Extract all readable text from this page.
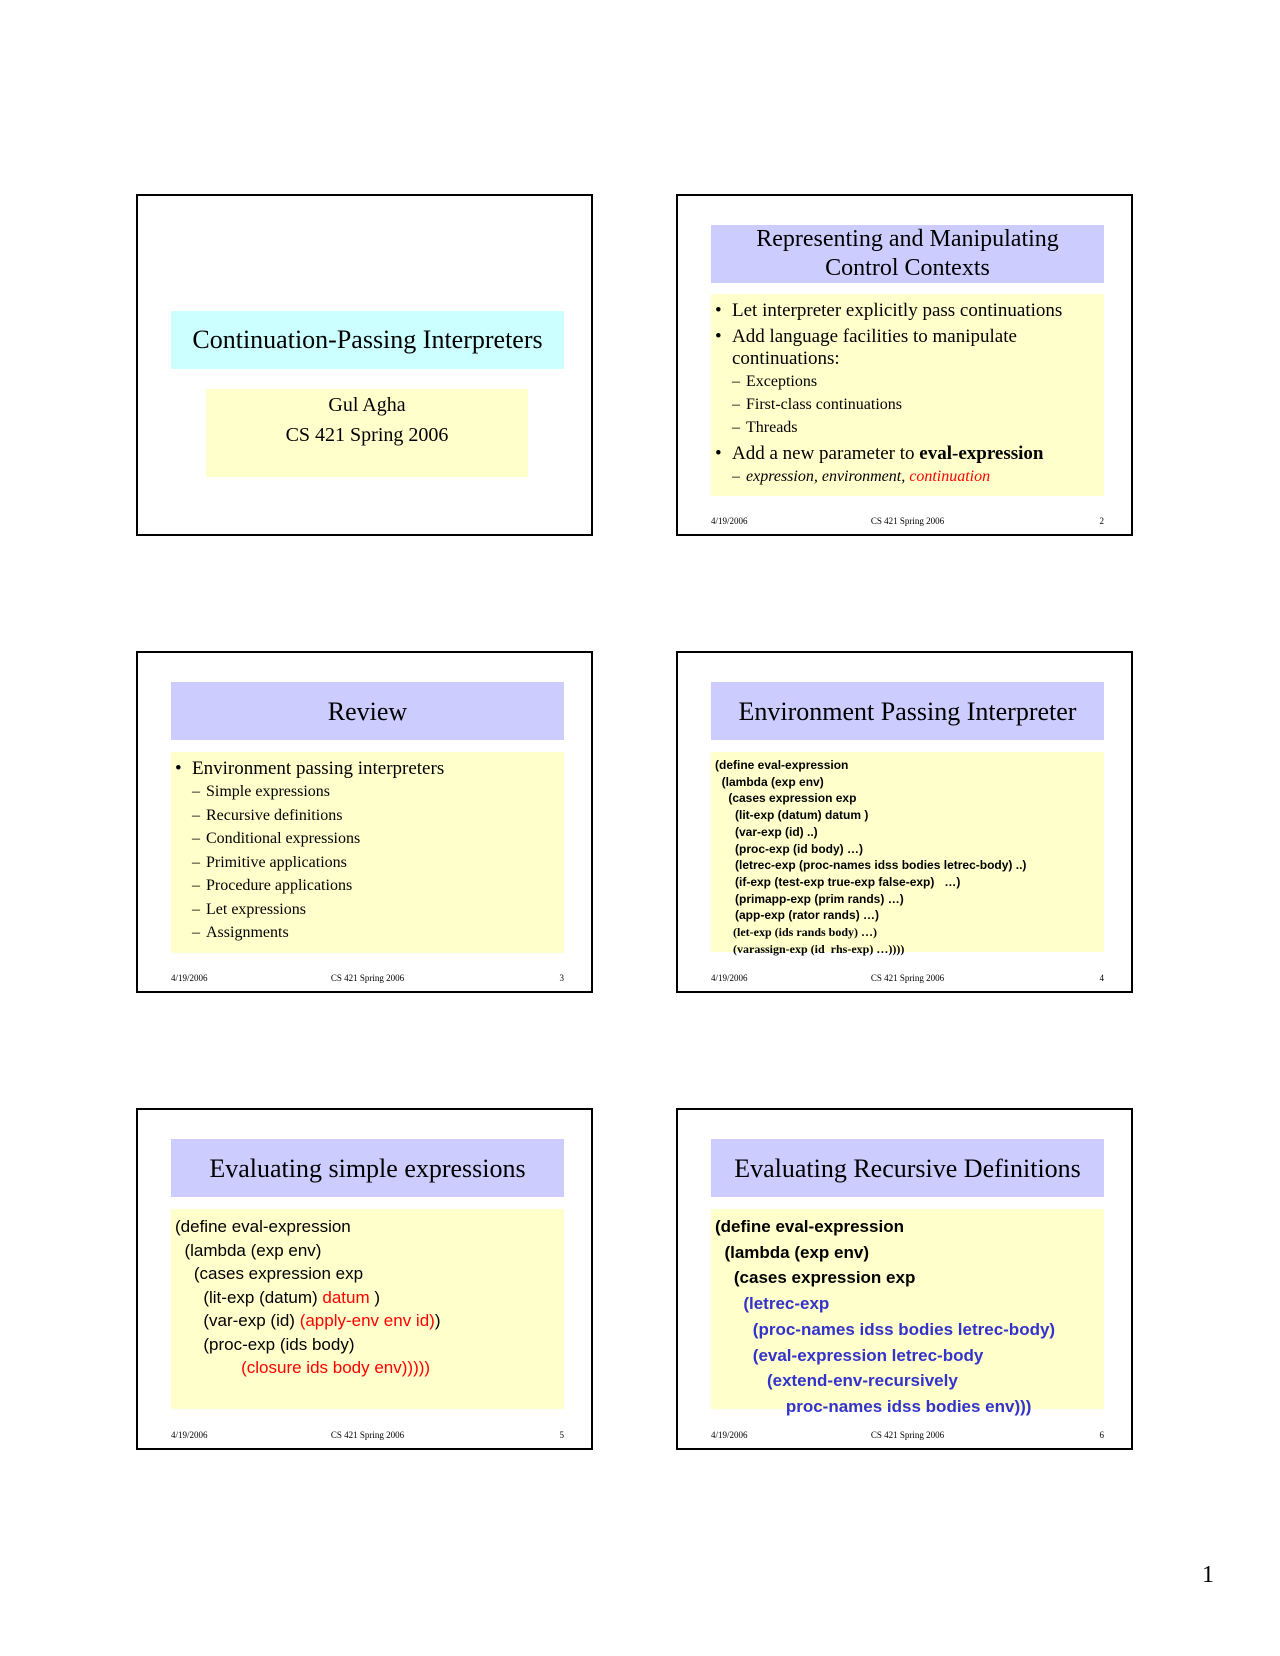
Continuation-Passing Interpreters
Gul Agha
CS 421 Spring 2006
Representing and Manipulating
Control Contexts
• Let interpreter explicitly pass continuations
• Add language facilities to manipulate
continuations:
– Exceptions
– First-class continuations
– Threads
• Add a new parameter to eval-expression
– expression, environment, continuation
4/19/2006	CS 421 Spring 2006	2
Review
• Environment passing interpreters
– Simple expressions
– Recursive definitions
– Conditional expressions
– Primitive applications
– Procedure applications
– Let expressions
– Assignments
4/19/2006	CS 421 Spring 2006	3
Environment Passing Interpreter
(define eval-expression
(lambda (exp env)
(cases expression exp
(lit-exp (datum) datum )
(var-exp (id) ..)
(proc-exp (id body) …)
(letrec-exp (proc-names idss bodies letrec-body) ..)
(if-exp (test-exp true-exp false-exp)   …)
(primapp-exp (prim rands) …)
(app-exp (rator rands) …)
(let-exp (ids rands body) …)
(varassign-exp (id  rhs-exp) …))))
4/19/2006	CS 421 Spring 2006	4
Evaluating simple expressions
(define eval-expression
(lambda (exp env)
(cases expression exp
(lit-exp (datum) datum )
(var-exp (id) (apply-env env id))
(proc-exp (ids body)
(closure ids body env)))))
4/19/2006	CS 421 Spring 2006	5
Evaluating Recursive Definitions
(define eval-expression
(lambda (exp env)
(cases expression exp
(letrec-exp
(proc-names idss bodies letrec-body)
(eval-expression letrec-body
(extend-env-recursively
proc-names idss bodies env)))
4/19/2006	CS 421 Spring 2006	6
1
